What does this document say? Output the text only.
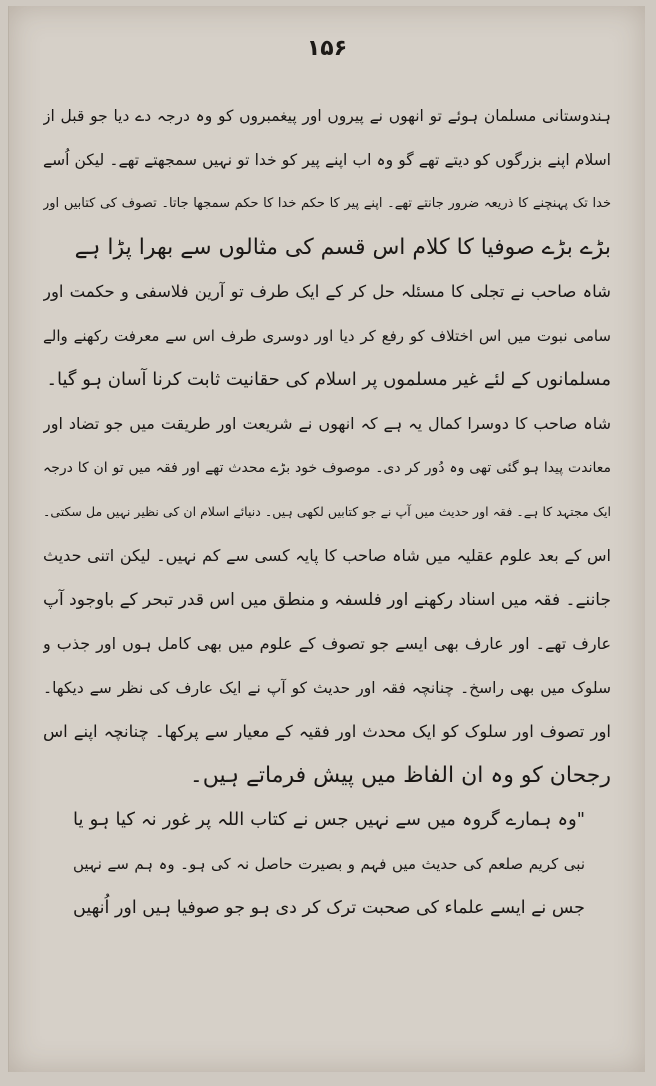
۱۵۶
ہندوستانی مسلمان ہوئے تو انھوں نے پیروں اور پیغمبروں کو وہ درجہ دے دیا جو قبل از
اسلام اپنے بزرگوں کو دیتے تھے گو وہ اب اپنے پیر کو خدا تو نہیں سمجھتے تھے۔ لیکن اُسے
خدا تک پہنچنے کا ذریعہ ضرور جانتے تھے۔ اپنے پیر کا حکم خدا کا حکم سمجھا جاتا۔ تصوف کی کتابیں اور
بڑے بڑے صوفیا کا کلام اس قسم کی مثالوں سے بھرا پڑا ہے
شاہ صاحب نے تجلی کا مسئلہ حل کر کے ایک طرف تو آرین فلاسفی و حکمت اور
سامی نبوت میں اس اختلاف کو رفع کر دیا اور دوسری طرف اس سے معرفت رکھنے والے
مسلمانوں کے لئے غیر مسلموں پر اسلام کی حقانیت ثابت کرنا آسان ہو گیا۔
شاہ صاحب کا دوسرا کمال یہ ہے کہ انھوں نے شریعت اور طریقت میں جو تضاد اور
معاندت پیدا ہو گئی تھی وہ دُور کر دی۔ موصوف خود بڑے محدث تھے اور فقہ میں تو ان کا درجہ
ایک مجتہد کا ہے۔ فقہ اور حدیث میں آپ نے جو کتابیں لکھی ہیں۔ دنیائے اسلام ان کی نظیر نہیں مل سکتی۔
اس کے بعد علوم عقلیہ میں شاہ صاحب کا پایہ کسی سے کم نہیں۔ لیکن اتنی حدیث
جاننے۔ فقہ میں اسناد رکھنے اور فلسفہ و منطق میں اس قدر تبحر کے باوجود آپ
عارف تھے۔ اور عارف بھی ایسے جو تصوف کے علوم میں بھی کامل ہوں اور جذب و
سلوک میں بھی راسخ۔ چنانچہ فقہ اور حدیث کو آپ نے ایک عارف کی نظر سے دیکھا۔
اور تصوف اور سلوک کو ایک محدث اور فقیہ کے معیار سے پرکھا۔ چنانچہ اپنے اس
رجحان کو وہ ان الفاظ میں پیش فرماتے ہیں۔
"وہ ہمارے گروہ میں سے نہیں جس نے کتاب اللہ پر غور نہ کیا ہو یا
نبی کریم صلعم کی حدیث میں فہم و بصیرت حاصل نہ کی ہو۔ وہ ہم سے نہیں
جس نے ایسے علماء کی صحبت ترک کر دی ہو جو صوفیا ہیں اور اُنھیں
